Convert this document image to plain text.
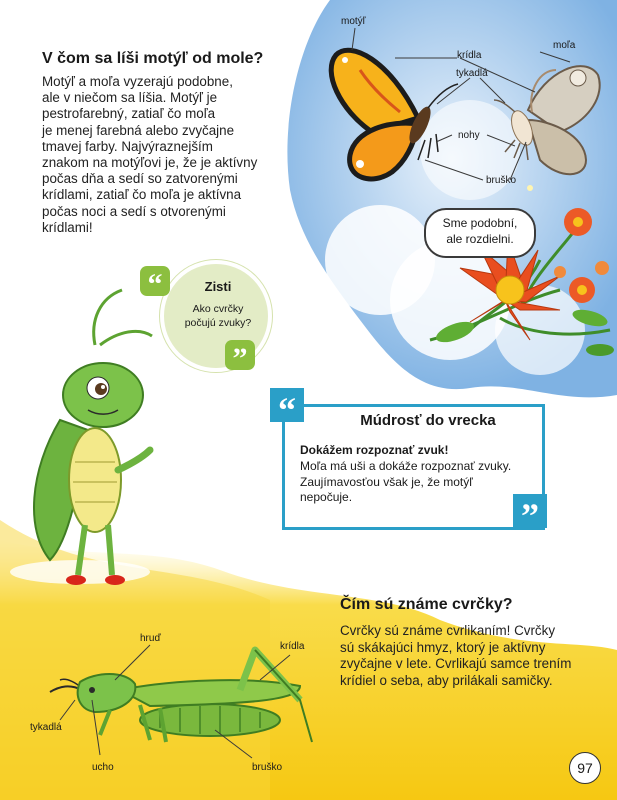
V čom sa líši motýľ od mole?
Motýľ a moľa vyzerajú podobne,
ale v niečom sa líšia. Motýľ je
pestrofarebný, zatiaľ čo moľa
je menej farebná alebo zvyčajne
tmavej farby. Najvýraznejším
znakom na motýľovi je, že je aktívny
počas dňa a sedí so zatvorenými
krídlami, zatiaľ čo moľa je aktívna
počas noci a sedí s otvorenými
krídlami!
motýľ
krídla
moľa
tykadlá
nohy
bruško
Sme podobní,
ale rozdielni.
“
”
Zisti
Ako cvrčky
počujú zvuky?
“
”
Múdrosť do vrecka
Dokážem rozpoznať zvuk!
Moľa má uši a dokáže rozpoznať zvuky.
Zaujímavosťou však je, že motýľ
nepočuje.
Čím sú známe cvrčky?
Cvrčky sú známe cvrlikaním! Cvrčky
sú skákajúci hmyz, ktorý je aktívny
zvyčajne v lete. Cvrlikajú samce trením
krídiel o seba, aby prilákali samičky.
hruď
krídla
tykadlá
ucho	bruško	97
